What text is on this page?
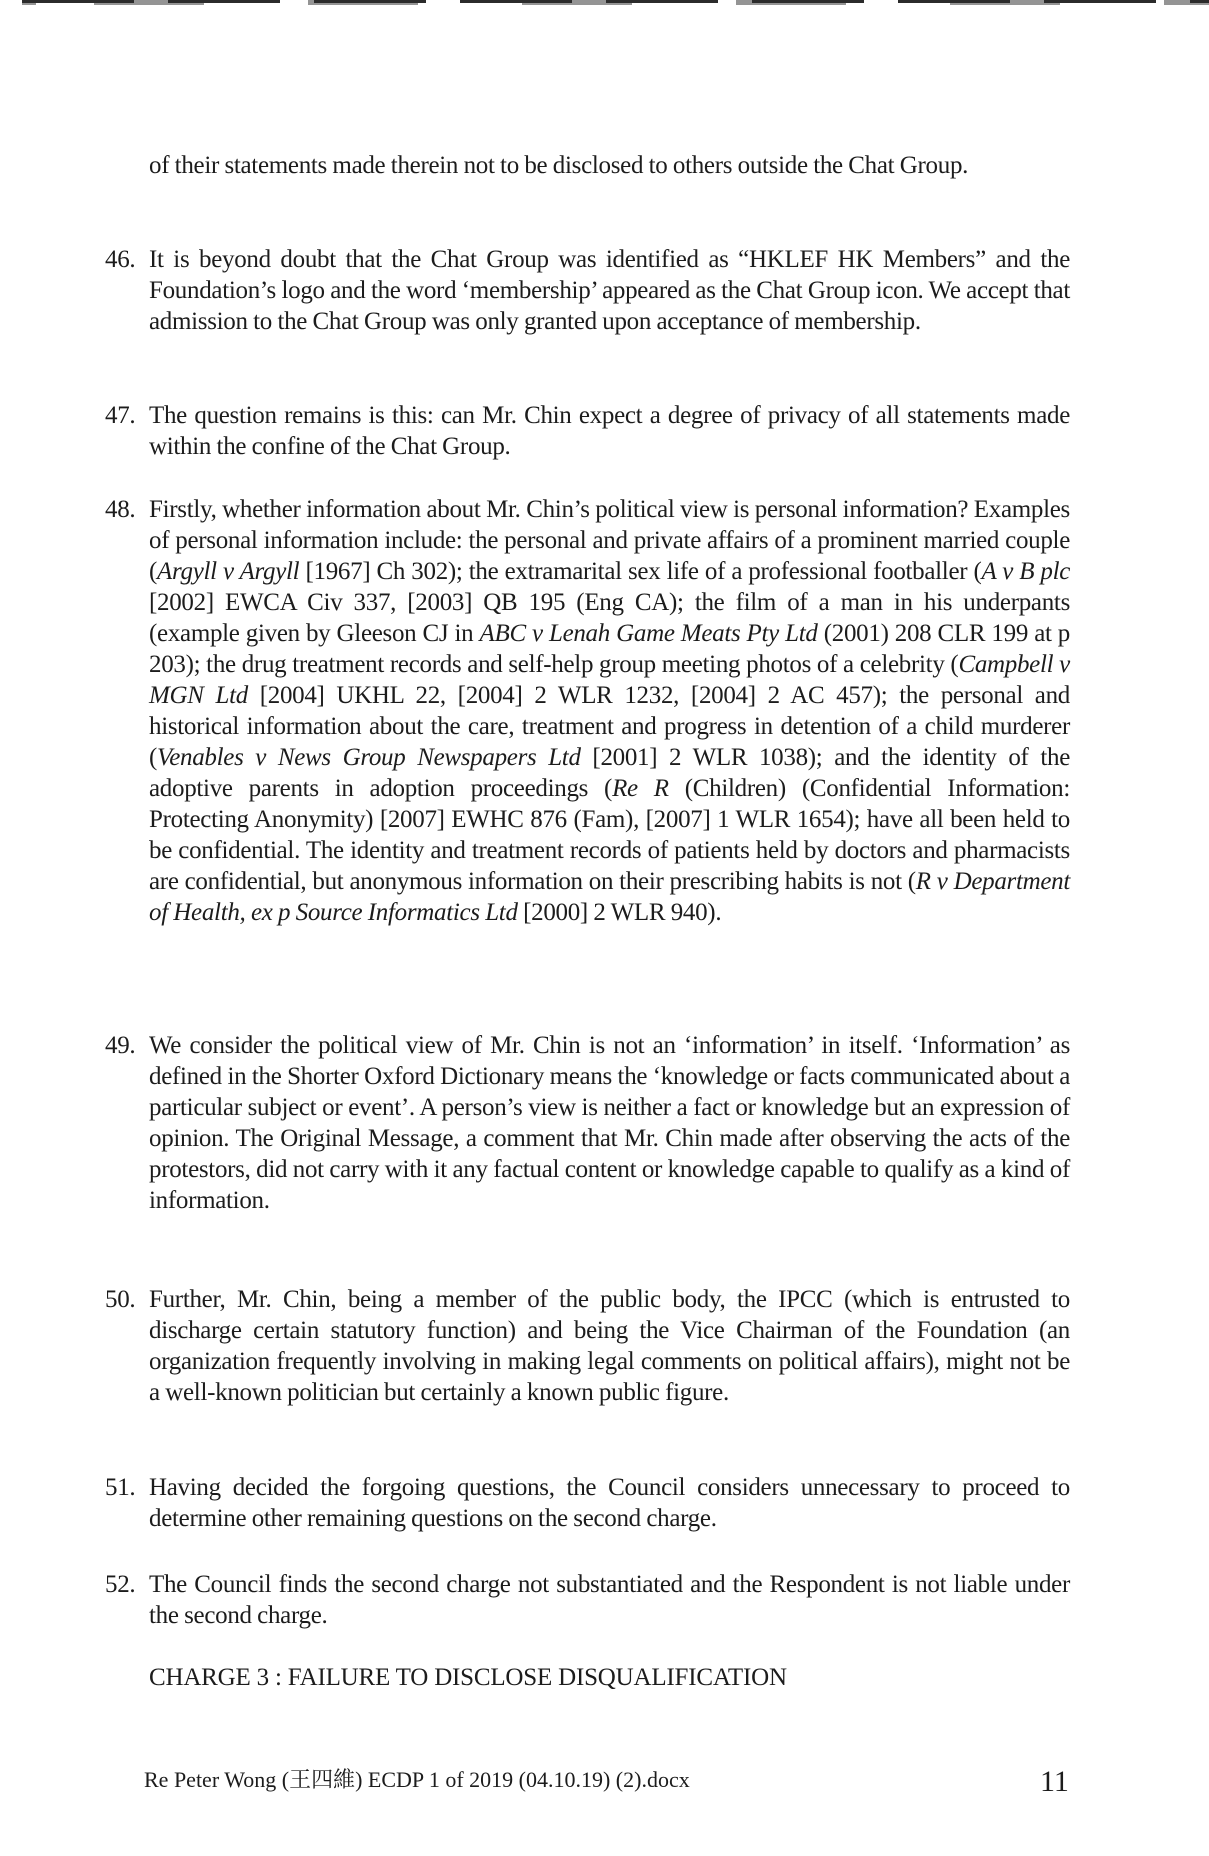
of their statements made therein not to be disclosed to others outside the Chat Group.

46. It is beyond doubt that the Chat Group was identified as “HKLEF HK Members” and the Foundation’s logo and the word ‘membership’ appeared as the Chat Group icon. We accept that admission to the Chat Group was only granted upon acceptance of membership.
47. The question remains is this: can Mr. Chin expect a degree of privacy of all statements made within the confine of the Chat Group.
48. Firstly, whether information about Mr. Chin’s political view is personal information? Examples of personal information include: the personal and private affairs of a prominent married couple (Argyll v Argyll [1967] Ch 302); the extramarital sex life of a professional footballer (A v B plc [2002] EWCA Civ 337, [2003] QB 195 (Eng CA); the film of a man in his underpants (example given by Gleeson CJ in ABC v Lenah Game Meats Pty Ltd (2001) 208 CLR 199 at p 203); the drug treatment records and self-help group meeting photos of a celebrity (Campbell v MGN Ltd [2004] UKHL 22, [2004] 2 WLR 1232, [2004] 2 AC 457); the personal and historical information about the care, treatment and progress in detention of a child murderer (Venables v News Group Newspapers Ltd [2001] 2 WLR 1038); and the identity of the adoptive parents in adoption proceedings (Re R (Children) (Confidential Information: Protecting Anonymity) [2007] EWHC 876 (Fam), [2007] 1 WLR 1654); have all been held to be confidential. The identity and treatment records of patients held by doctors and pharmacists are confidential, but anonymous information on their prescribing habits is not (R v Department of Health, ex p Source Informatics Ltd [2000] 2 WLR 940).
49. We consider the political view of Mr. Chin is not an ‘information’ in itself. ‘Information’ as defined in the Shorter Oxford Dictionary means the ‘knowledge or facts communicated about a particular subject or event’. A person’s view is neither a fact or knowledge but an expression of opinion. The Original Message, a comment that Mr. Chin made after observing the acts of the protestors, did not carry with it any factual content or knowledge capable to qualify as a kind of information.
50. Further, Mr. Chin, being a member of the public body, the IPCC (which is entrusted to discharge certain statutory function) and being the Vice Chairman of the Foundation (an organization frequently involving in making legal comments on political affairs), might not be a well-known politician but certainly a known public figure.
51. Having decided the forgoing questions, the Council considers unnecessary to proceed to determine other remaining questions on the second charge.
52. The Council finds the second charge not substantiated and the Respondent is not liable under the second charge.

CHARGE 3 : FAILURE TO DISCLOSE DISQUALIFICATION

Re Peter Wong (王四維) ECDP 1 of 2019 (04.10.19) (2).docx	11
